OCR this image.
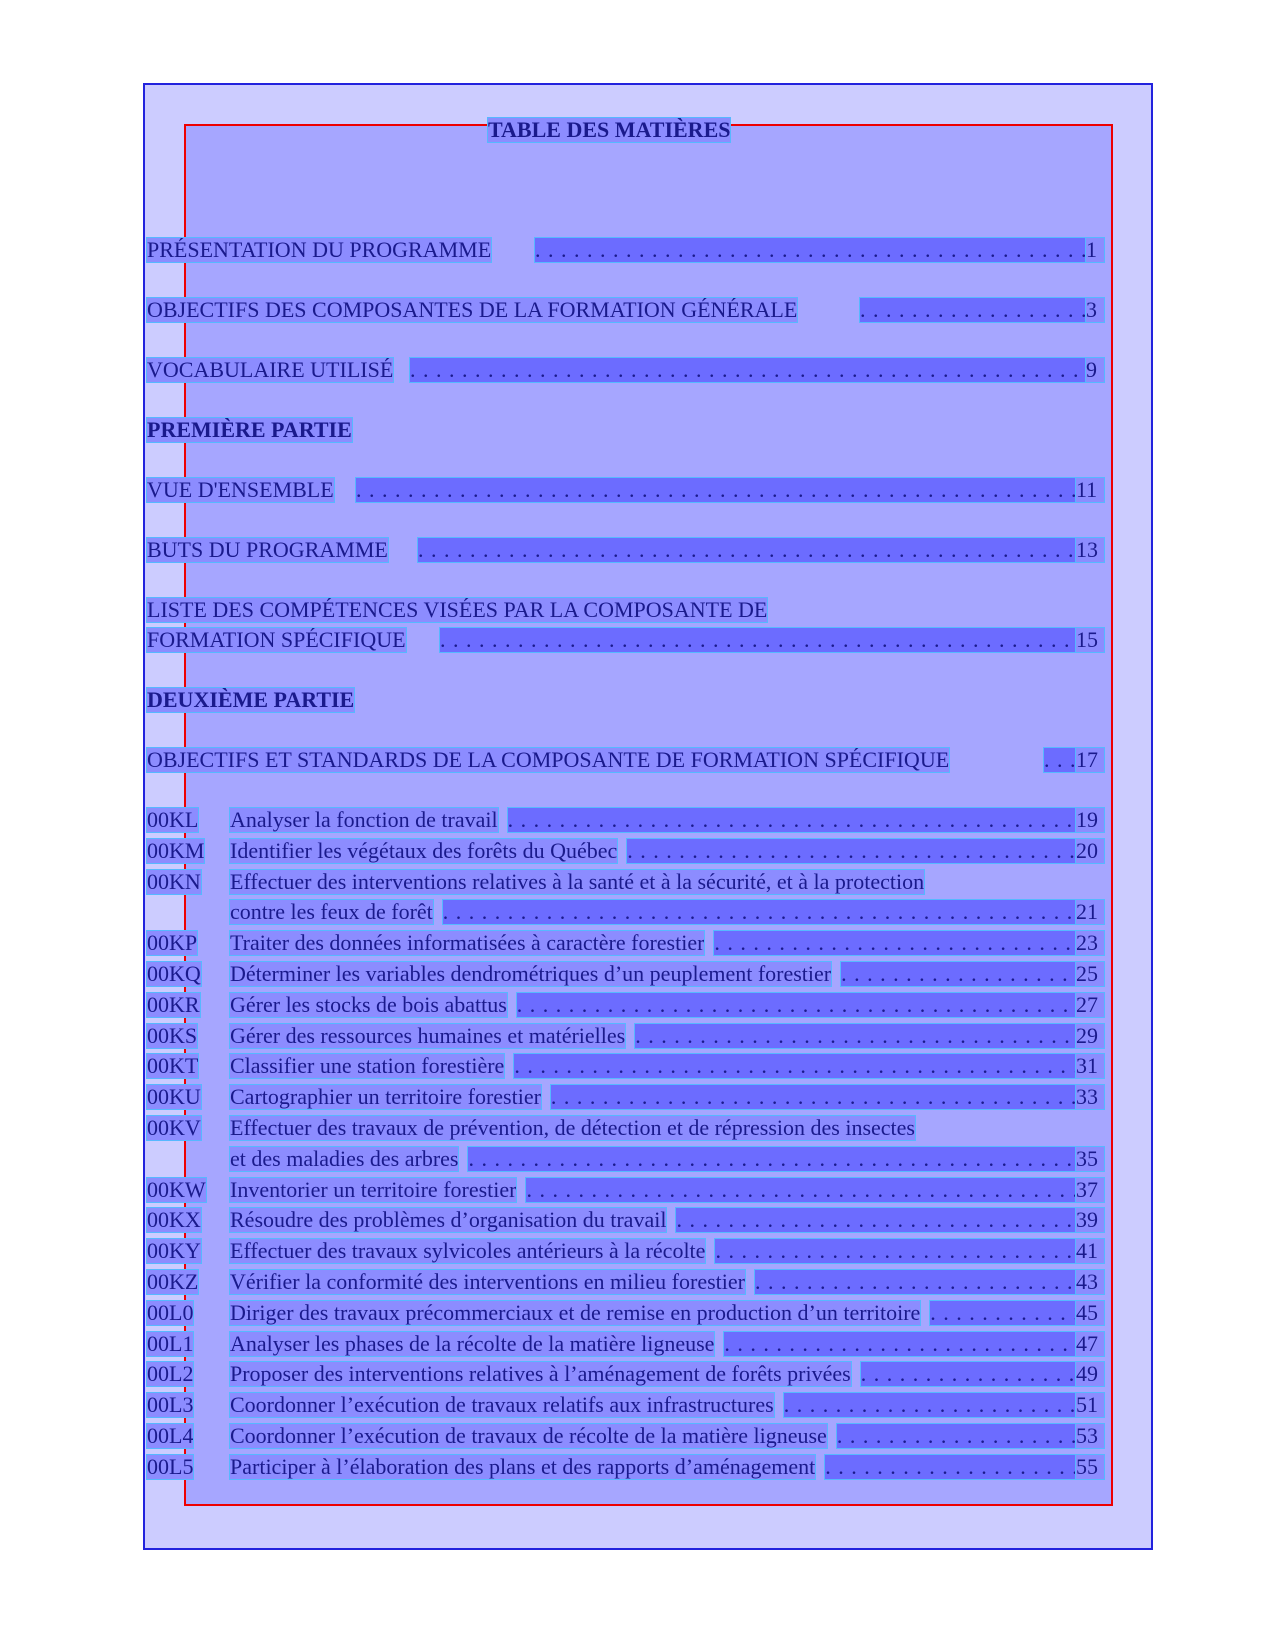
TABLE DES MATIÈRES
PRÉSENTATION DU PROGRAMME . . .	1
OBJECTIFS DES COMPOSANTES DE LA FORMATION GÉNÉRALE . . .	3
VOCABULAIRE UTILISÉ . . .	9
PREMIÈRE PARTIE
VUE D'ENSEMBLE . . .	11
BUTS DU PROGRAMME . . .	13
LISTE DES COMPÉTENCES VISÉES PAR LA COMPOSANTE DE
FORMATION SPÉCIFIQUE . . .	15
DEUXIÈME PARTIE
OBJECTIFS ET STANDARDS DE LA COMPOSANTE DE FORMATION SPÉCIFIQUE . . .	17
00KL Analyser la fonction de travail . . .	19
00KM Identifier les végétaux des forêts du Québec . . .	20
00KN Effectuer des interventions relatives à la santé et à la sécurité, et à la protection
contre les feux de forêt . . .	21
00KP Traiter des données informatisées à caractère forestier . . .	23
00KQ Déterminer les variables dendrométriques d’un peuplement forestier . . .	25
00KR Gérer les stocks de bois abattus . . .	27
00KS Gérer des ressources humaines et matérielles . . .	29
00KT Classifier une station forestière . . .	31
00KU Cartographier un territoire forestier . . .	33
00KV Effectuer des travaux de prévention, de détection et de répression des insectes
et des maladies des arbres . . .	35
00KW Inventorier un territoire forestier . . .	37
00KX Résoudre des problèmes d’organisation du travail . . .	39
00KY Effectuer des travaux sylvicoles antérieurs à la récolte . . .	41
00KZ Vérifier la conformité des interventions en milieu forestier . . .	43
00L0 Diriger des travaux précommerciaux et de remise en production d’un territoire . . .	45
00L1 Analyser les phases de la récolte de la matière ligneuse . . .	47
00L2 Proposer des interventions relatives à l’aménagement de forêts privées . . .	49
00L3 Coordonner l’exécution de travaux relatifs aux infrastructures . . .	51
00L4 Coordonner l’exécution de travaux de récolte de la matière ligneuse . . .	53
00L5 Participer à l’élaboration des plans et des rapports d’aménagement . . .	55
